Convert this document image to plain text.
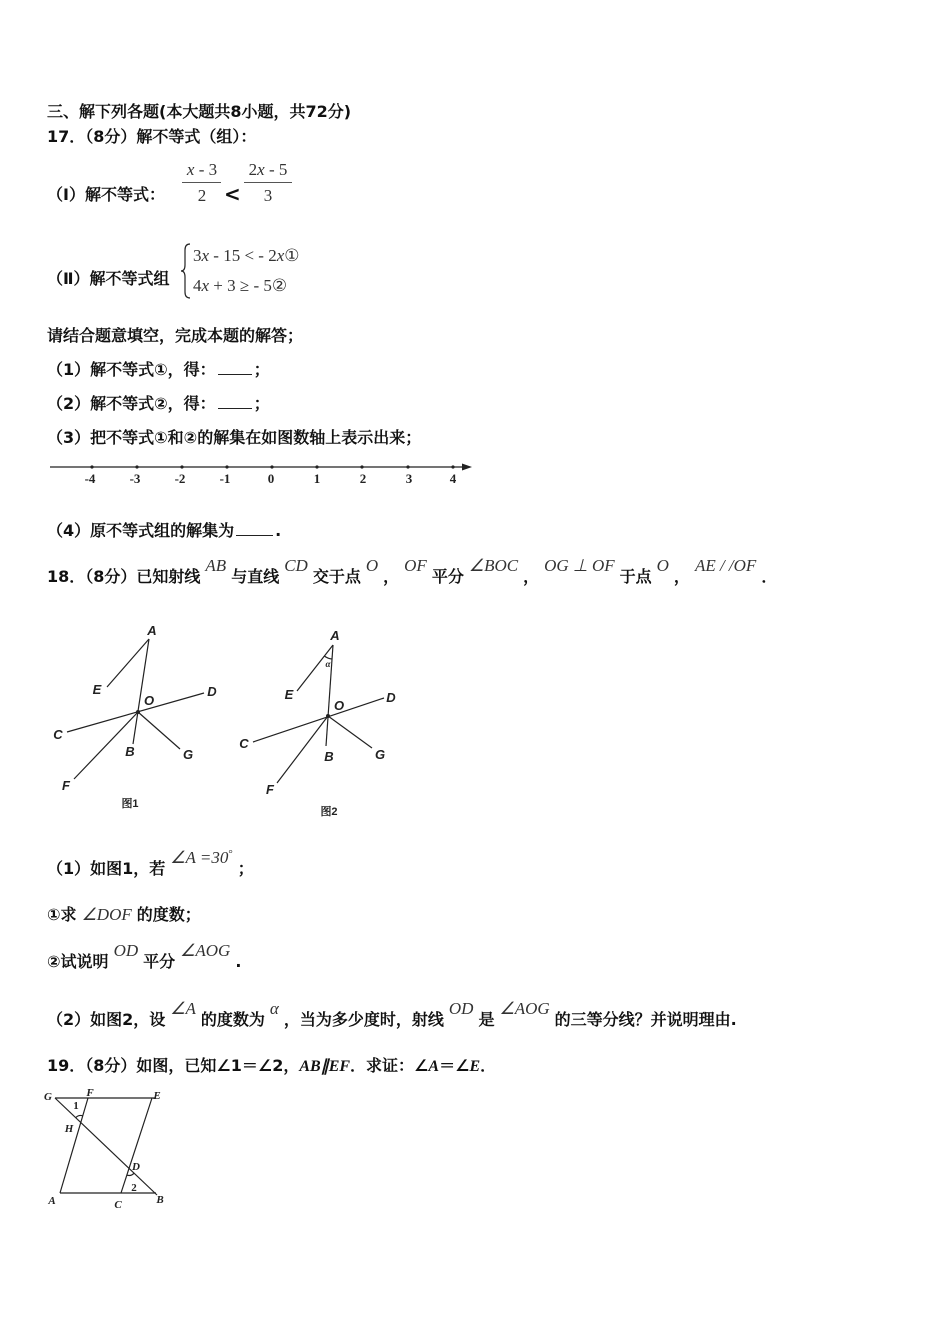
三、解下列各题(本大题共8小题，共72分)
17．（8分）解不等式（组）：
（Ⅰ）解不等式：
x - 3
2 <
2x - 5
3
（Ⅱ）解不等式组
3x - 15 < - 2x①
4x + 3 ≥ - 5②
请结合题意填空，完成本题的解答；
（1）解不等式①，得： ；
（2）解不等式②，得： ；
（3）把不等式①和②的解集在如图数轴上表示出来；
-4	-3	-2	-1	0	1	2	3	4
（4）原不等式组的解集为	.
18．（8分）已知射线AB与直线CD交于点O，OF平分∠BOC，OG ⊥ OF于点O，AE / /OF．
A
E
B
C
D
O
F
G
图1
α
A
E
B
C
D
O
F
G
图2
（1）如图1，若∠A =30°；
①求 ∠DOF 的度数；
②试说明OD平分∠AOG.
（2）如图2，设∠A的度数为α，当为多少度时，射线OD是∠AOG的三等分线？并说明理由.
19．（8分）如图，已知∠1＝∠2，AB∥EF．求证：∠A＝∠E．
G	F	E
1
H
D
2
A	C	B
